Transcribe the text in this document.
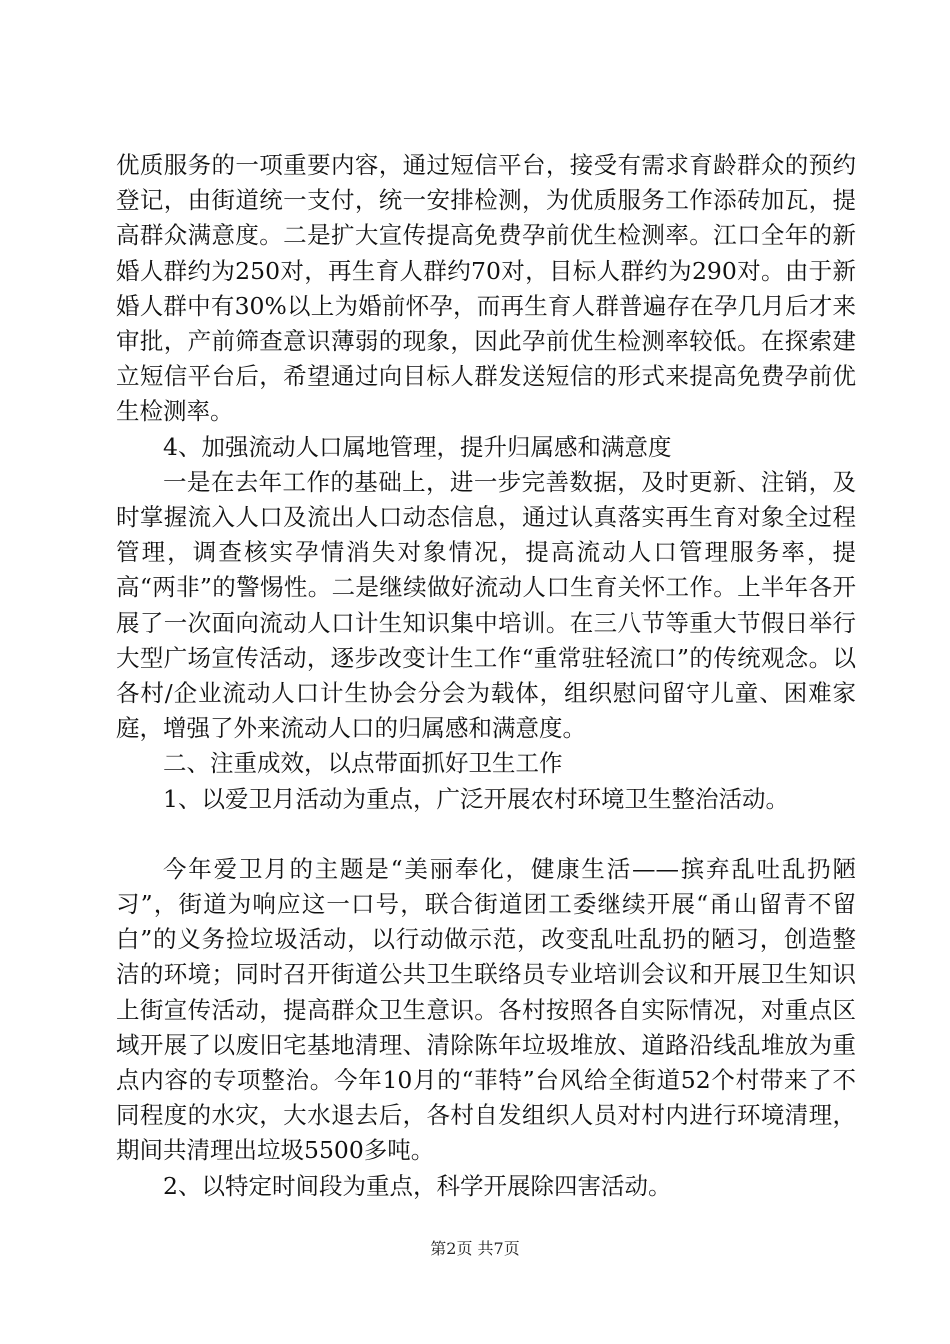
优质服务的一项重要内容，通过短信平台，接受有需求育龄群众的预约登记，由街道统一支付，统一安排检测，为优质服务工作添砖加瓦，提高群众满意度。二是扩大宣传提高免费孕前优生检测率。江口全年的新婚人群约为250对，再生育人群约70对，目标人群约为290对。由于新婚人群中有30%以上为婚前怀孕，而再生育人群普遍存在孕几月后才来审批，产前筛查意识薄弱的现象，因此孕前优生检测率较低。在探索建立短信平台后，希望通过向目标人群发送短信的形式来提高免费孕前优生检测率。

4、加强流动人口属地管理，提升归属感和满意度

一是在去年工作的基础上，进一步完善数据，及时更新、注销，及时掌握流入人口及流出人口动态信息，通过认真落实再生育对象全过程管理，调查核实孕情消失对象情况，提高流动人口管理服务率，提高“两非”的警惕性。二是继续做好流动人口生育关怀工作。上半年各开展了一次面向流动人口计生知识集中培训。在三八节等重大节假日举行大型广场宣传活动，逐步改变计生工作“重常驻轻流口”的传统观念。以各村/企业流动人口计生协会分会为载体，组织慰问留守儿童、困难家庭，增强了外来流动人口的归属感和满意度。

二、注重成效，以点带面抓好卫生工作

1、以爱卫月活动为重点，广泛开展农村环境卫生整治活动。

今年爱卫月的主题是“美丽奉化，健康生活——摈弃乱吐乱扔陋习”，街道为响应这一口号，联合街道团工委继续开展“甬山留青不留白”的义务捡垃圾活动，以行动做示范，改变乱吐乱扔的陋习，创造整洁的环境；同时召开街道公共卫生联络员专业培训会议和开展卫生知识上街宣传活动，提高群众卫生意识。各村按照各自实际情况，对重点区域开展了以废旧宅基地清理、清除陈年垃圾堆放、道路沿线乱堆放为重点内容的专项整治。今年10月的“菲特”台风给全街道52个村带来了不同程度的水灾，大水退去后，各村自发组织人员对村内进行环境清理，期间共清理出垃圾5500多吨。

2、以特定时间段为重点，科学开展除四害活动。

第2页 共7页
